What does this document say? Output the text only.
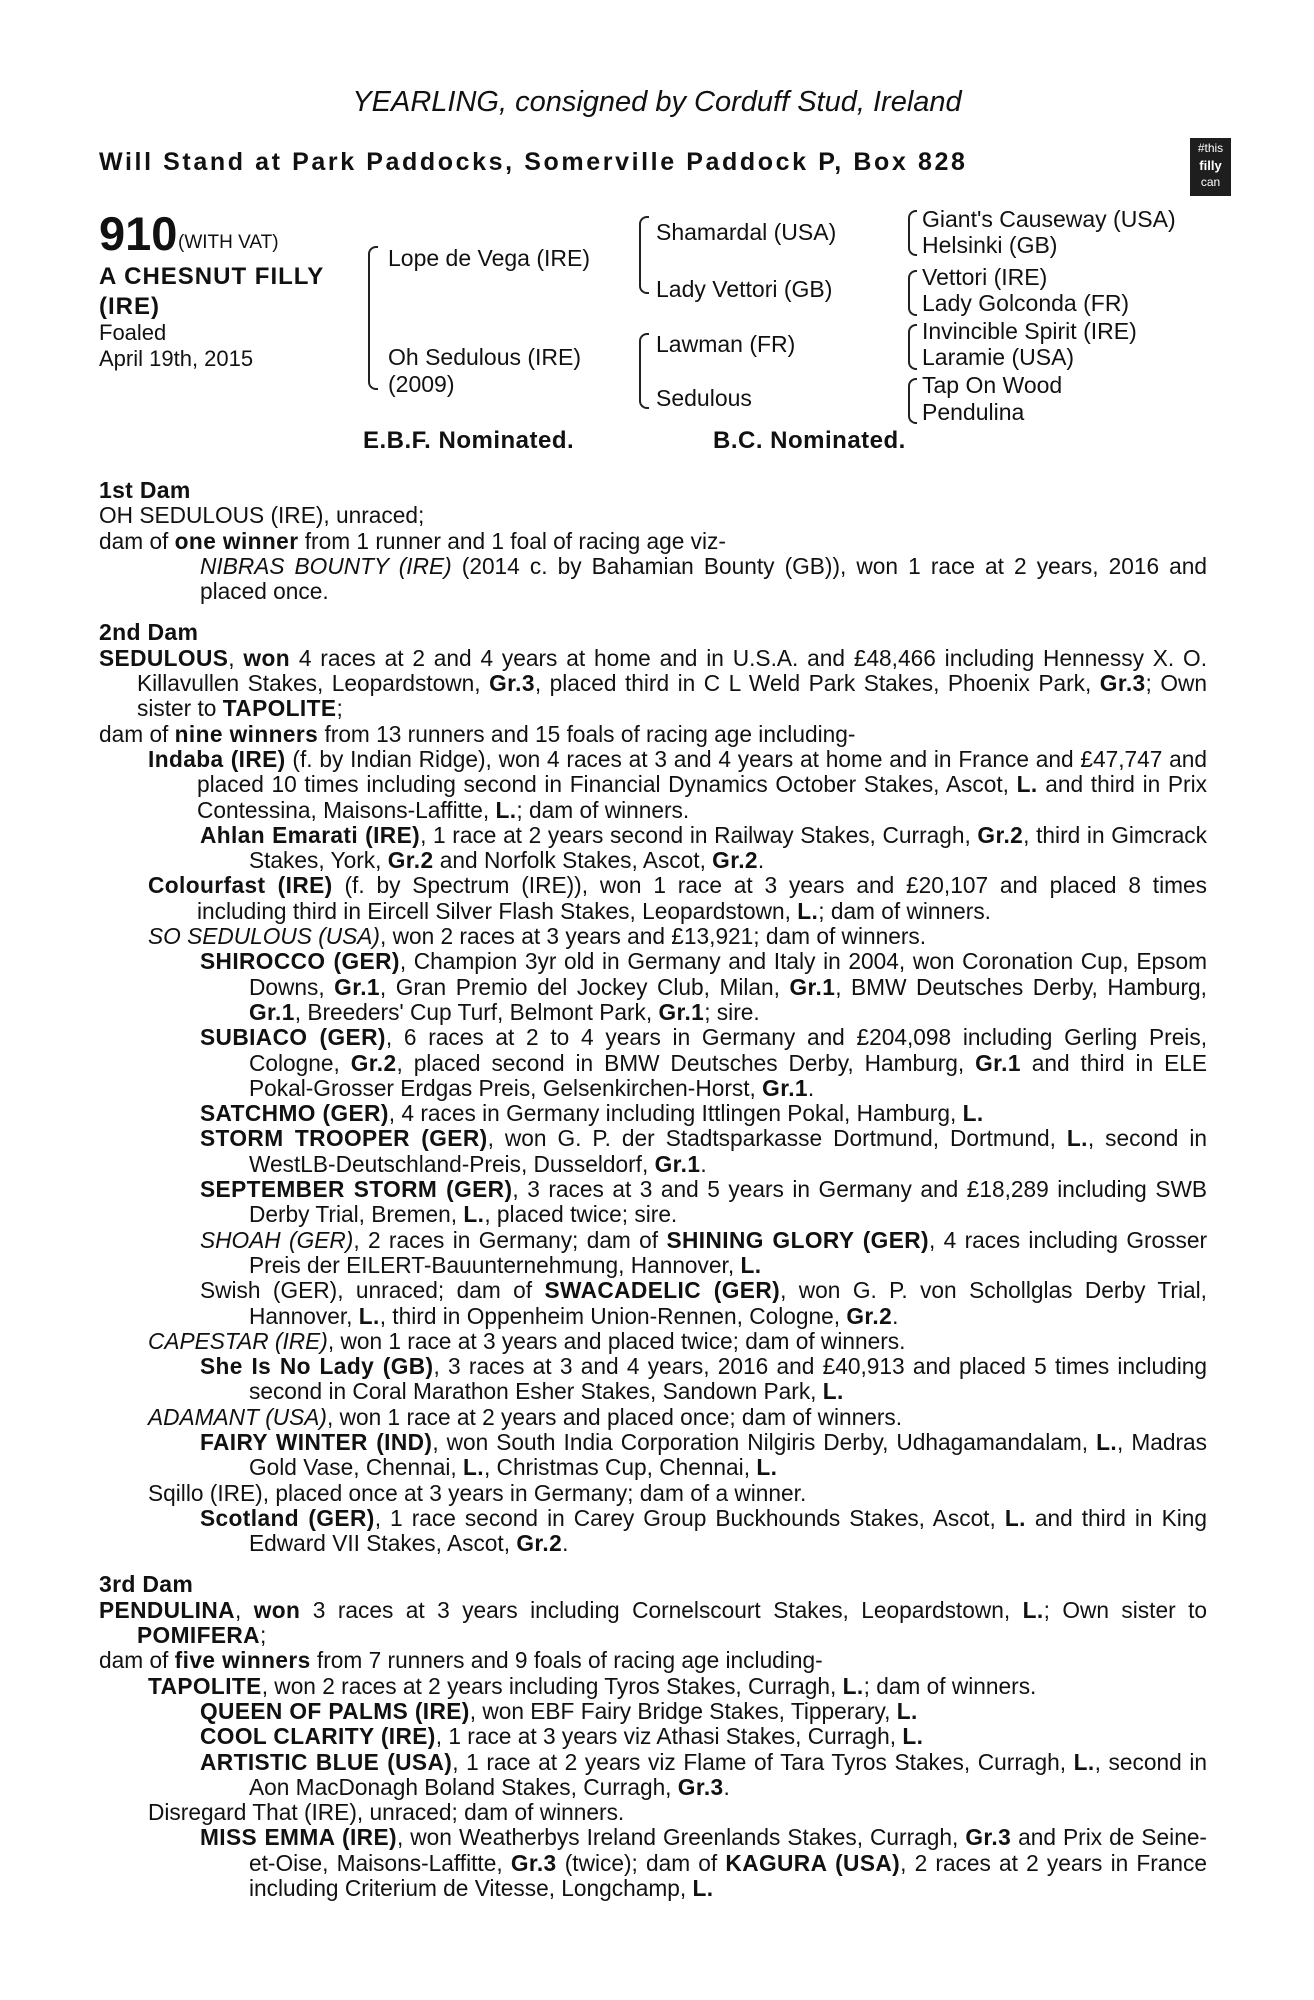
YEARLING, consigned by Corduff Stud, Ireland
Will Stand at Park Paddocks, Somerville Paddock P, Box 828	#this
filly
can
910 (WITH VAT)
A CHESNUT FILLY (IRE)
Foaled
April 19th, 2015
Lope de Vega (IRE)
Oh Sedulous (IRE)
(2009)
Shamardal (USA)
Lady Vettori (GB)
Lawman (FR)
Sedulous
Giant's Causeway (USA)
Helsinki (GB)
Vettori (IRE)
Lady Golconda (FR)
Invincible Spirit (IRE)
Laramie (USA)
Tap On Wood
Pendulina
E.B.F. Nominated.	B.C. Nominated.
1st Dam
OH SEDULOUS (IRE), unraced;
dam of one winner from 1 runner and 1 foal of racing age viz-
NIBRAS BOUNTY (IRE) (2014 c. by Bahamian Bounty (GB)), won 1 race at 2 years, 2016 and placed once.
2nd Dam
SEDULOUS, won 4 races at 2 and 4 years at home and in U.S.A. and £48,466 including Hennessy X. O. Killavullen Stakes, Leopardstown, Gr.3, placed third in C L Weld Park Stakes, Phoenix Park, Gr.3; Own sister to TAPOLITE;
dam of nine winners from 13 runners and 15 foals of racing age including-
Indaba (IRE) (f. by Indian Ridge), won 4 races at 3 and 4 years at home and in France and £47,747 and placed 10 times including second in Financial Dynamics October Stakes, Ascot, L. and third in Prix Contessina, Maisons-Laffitte, L.; dam of winners.
Ahlan Emarati (IRE), 1 race at 2 years second in Railway Stakes, Curragh, Gr.2, third in Gimcrack Stakes, York, Gr.2 and Norfolk Stakes, Ascot, Gr.2.
Colourfast (IRE) (f. by Spectrum (IRE)), won 1 race at 3 years and £20,107 and placed 8 times including third in Eircell Silver Flash Stakes, Leopardstown, L.; dam of winners.
SO SEDULOUS (USA), won 2 races at 3 years and £13,921; dam of winners.
SHIROCCO (GER), Champion 3yr old in Germany and Italy in 2004, won Coronation Cup, Epsom Downs, Gr.1, Gran Premio del Jockey Club, Milan, Gr.1, BMW Deutsches Derby, Hamburg, Gr.1, Breeders' Cup Turf, Belmont Park, Gr.1; sire.
SUBIACO (GER), 6 races at 2 to 4 years in Germany and £204,098 including Gerling Preis, Cologne, Gr.2, placed second in BMW Deutsches Derby, Hamburg, Gr.1 and third in ELE Pokal-Grosser Erdgas Preis, Gelsenkirchen-Horst, Gr.1.
SATCHMO (GER), 4 races in Germany including Ittlingen Pokal, Hamburg, L.
STORM TROOPER (GER), won G. P. der Stadtsparkasse Dortmund, Dortmund, L., second in WestLB-Deutschland-Preis, Dusseldorf, Gr.1.
SEPTEMBER STORM (GER), 3 races at 3 and 5 years in Germany and £18,289 including SWB Derby Trial, Bremen, L., placed twice; sire.
SHOAH (GER), 2 races in Germany; dam of SHINING GLORY (GER), 4 races including Grosser Preis der EILERT-Bauunternehmung, Hannover, L.
Swish (GER), unraced; dam of SWACADELIC (GER), won G. P. von Schollglas Derby Trial, Hannover, L., third in Oppenheim Union-Rennen, Cologne, Gr.2.
CAPESTAR (IRE), won 1 race at 3 years and placed twice; dam of winners.
She Is No Lady (GB), 3 races at 3 and 4 years, 2016 and £40,913 and placed 5 times including second in Coral Marathon Esher Stakes, Sandown Park, L.
ADAMANT (USA), won 1 race at 2 years and placed once; dam of winners.
FAIRY WINTER (IND), won South India Corporation Nilgiris Derby, Udhagamandalam, L., Madras Gold Vase, Chennai, L., Christmas Cup, Chennai, L.
Sqillo (IRE), placed once at 3 years in Germany; dam of a winner.
Scotland (GER), 1 race second in Carey Group Buckhounds Stakes, Ascot, L. and third in King Edward VII Stakes, Ascot, Gr.2.
3rd Dam
PENDULINA, won 3 races at 3 years including Cornelscourt Stakes, Leopardstown, L.; Own sister to POMIFERA;
dam of five winners from 7 runners and 9 foals of racing age including-
TAPOLITE, won 2 races at 2 years including Tyros Stakes, Curragh, L.; dam of winners.
QUEEN OF PALMS (IRE), won EBF Fairy Bridge Stakes, Tipperary, L.
COOL CLARITY (IRE), 1 race at 3 years viz Athasi Stakes, Curragh, L.
ARTISTIC BLUE (USA), 1 race at 2 years viz Flame of Tara Tyros Stakes, Curragh, L., second in Aon MacDonagh Boland Stakes, Curragh, Gr.3.
Disregard That (IRE), unraced; dam of winners.
MISS EMMA (IRE), won Weatherbys Ireland Greenlands Stakes, Curragh, Gr.3 and Prix de Seine-et-Oise, Maisons-Laffitte, Gr.3 (twice); dam of KAGURA (USA), 2 races at 2 years in France including Criterium de Vitesse, Longchamp, L.
